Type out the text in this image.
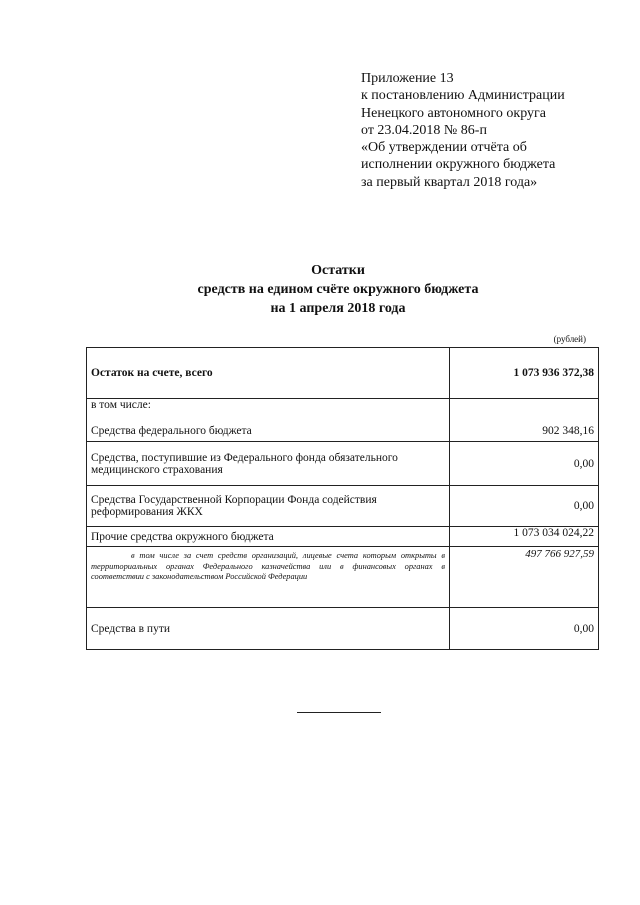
Приложение 13
к постановлению Администрации
Ненецкого автономного округа
от 23.04.2018 № 86-п
«Об утверждении отчёта об
исполнении окружного бюджета
за первый квартал 2018 года»
Остатки
средств на едином счёте окружного бюджета
на 1 апреля 2018 года
(рублей)
Остаток на счете, всего	1 073 936 372,38
в том числе:	
Средства федерального бюджета	902 348,16
Средства, поступившие из Федерального фонда обязательного медицинского страхования	0,00
Средства Государственной Корпорации Фонда содействия реформирования ЖКХ	0,00
Прочие средства окружного бюджета	1 073 034 024,22
в том числе за счет средств организаций, лицевые счета которым открыты в территориальных органах Федерального казначейства или в финансовых органах в соответствии с законодательством Российской Федерации	497 766 927,59
Средства в пути	0,00
